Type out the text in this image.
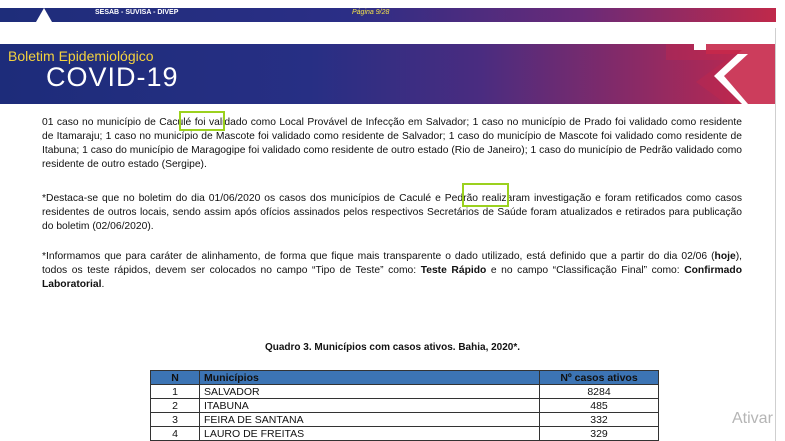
SESAB - SUVISA - DIVEP	Página 9/28
Boletim Epidemiológico
COVID-19

01 caso no município de Caculé foi validado como Local Provável de Infecção em Salvador; 1 caso no município de Prado foi validado como residente de Itamaraju; 1 caso no município de Mascote foi validado como residente de Salvador; 1 caso do município de Mascote foi validado como residente de Itabuna; 1 caso do município de Maragogipe foi validado como residente de outro estado (Rio de Janeiro); 1 caso do município de Pedrão validado como residente de outro estado (Sergipe).

*Destaca-se que no boletim do dia 01/06/2020 os casos dos municípios de Caculé e Pedrão realizaram investigação e foram retificados como casos residentes de outros locais, sendo assim após ofícios assinados pelos respectivos Secretários de Saúde foram atualizados e retirados para publicação do boletim (02/06/2020).

*Informamos que para caráter de alinhamento, de forma que fique mais transparente o dado utilizado, está definido que a partir do dia 02/06 (hoje), todos os teste rápidos, devem ser colocados no campo “Tipo de Teste” como: Teste Rápido e no campo “Classificação Final” como: Confirmado Laboratorial.

Quadro 3. Municípios com casos ativos. Bahia, 2020*.
N	Municípios	Nº casos ativos
1	SALVADOR	8284
2	ITABUNA	485
3	FEIRA DE SANTANA	332
4	LAURO DE FREITAS	329
Ativar
